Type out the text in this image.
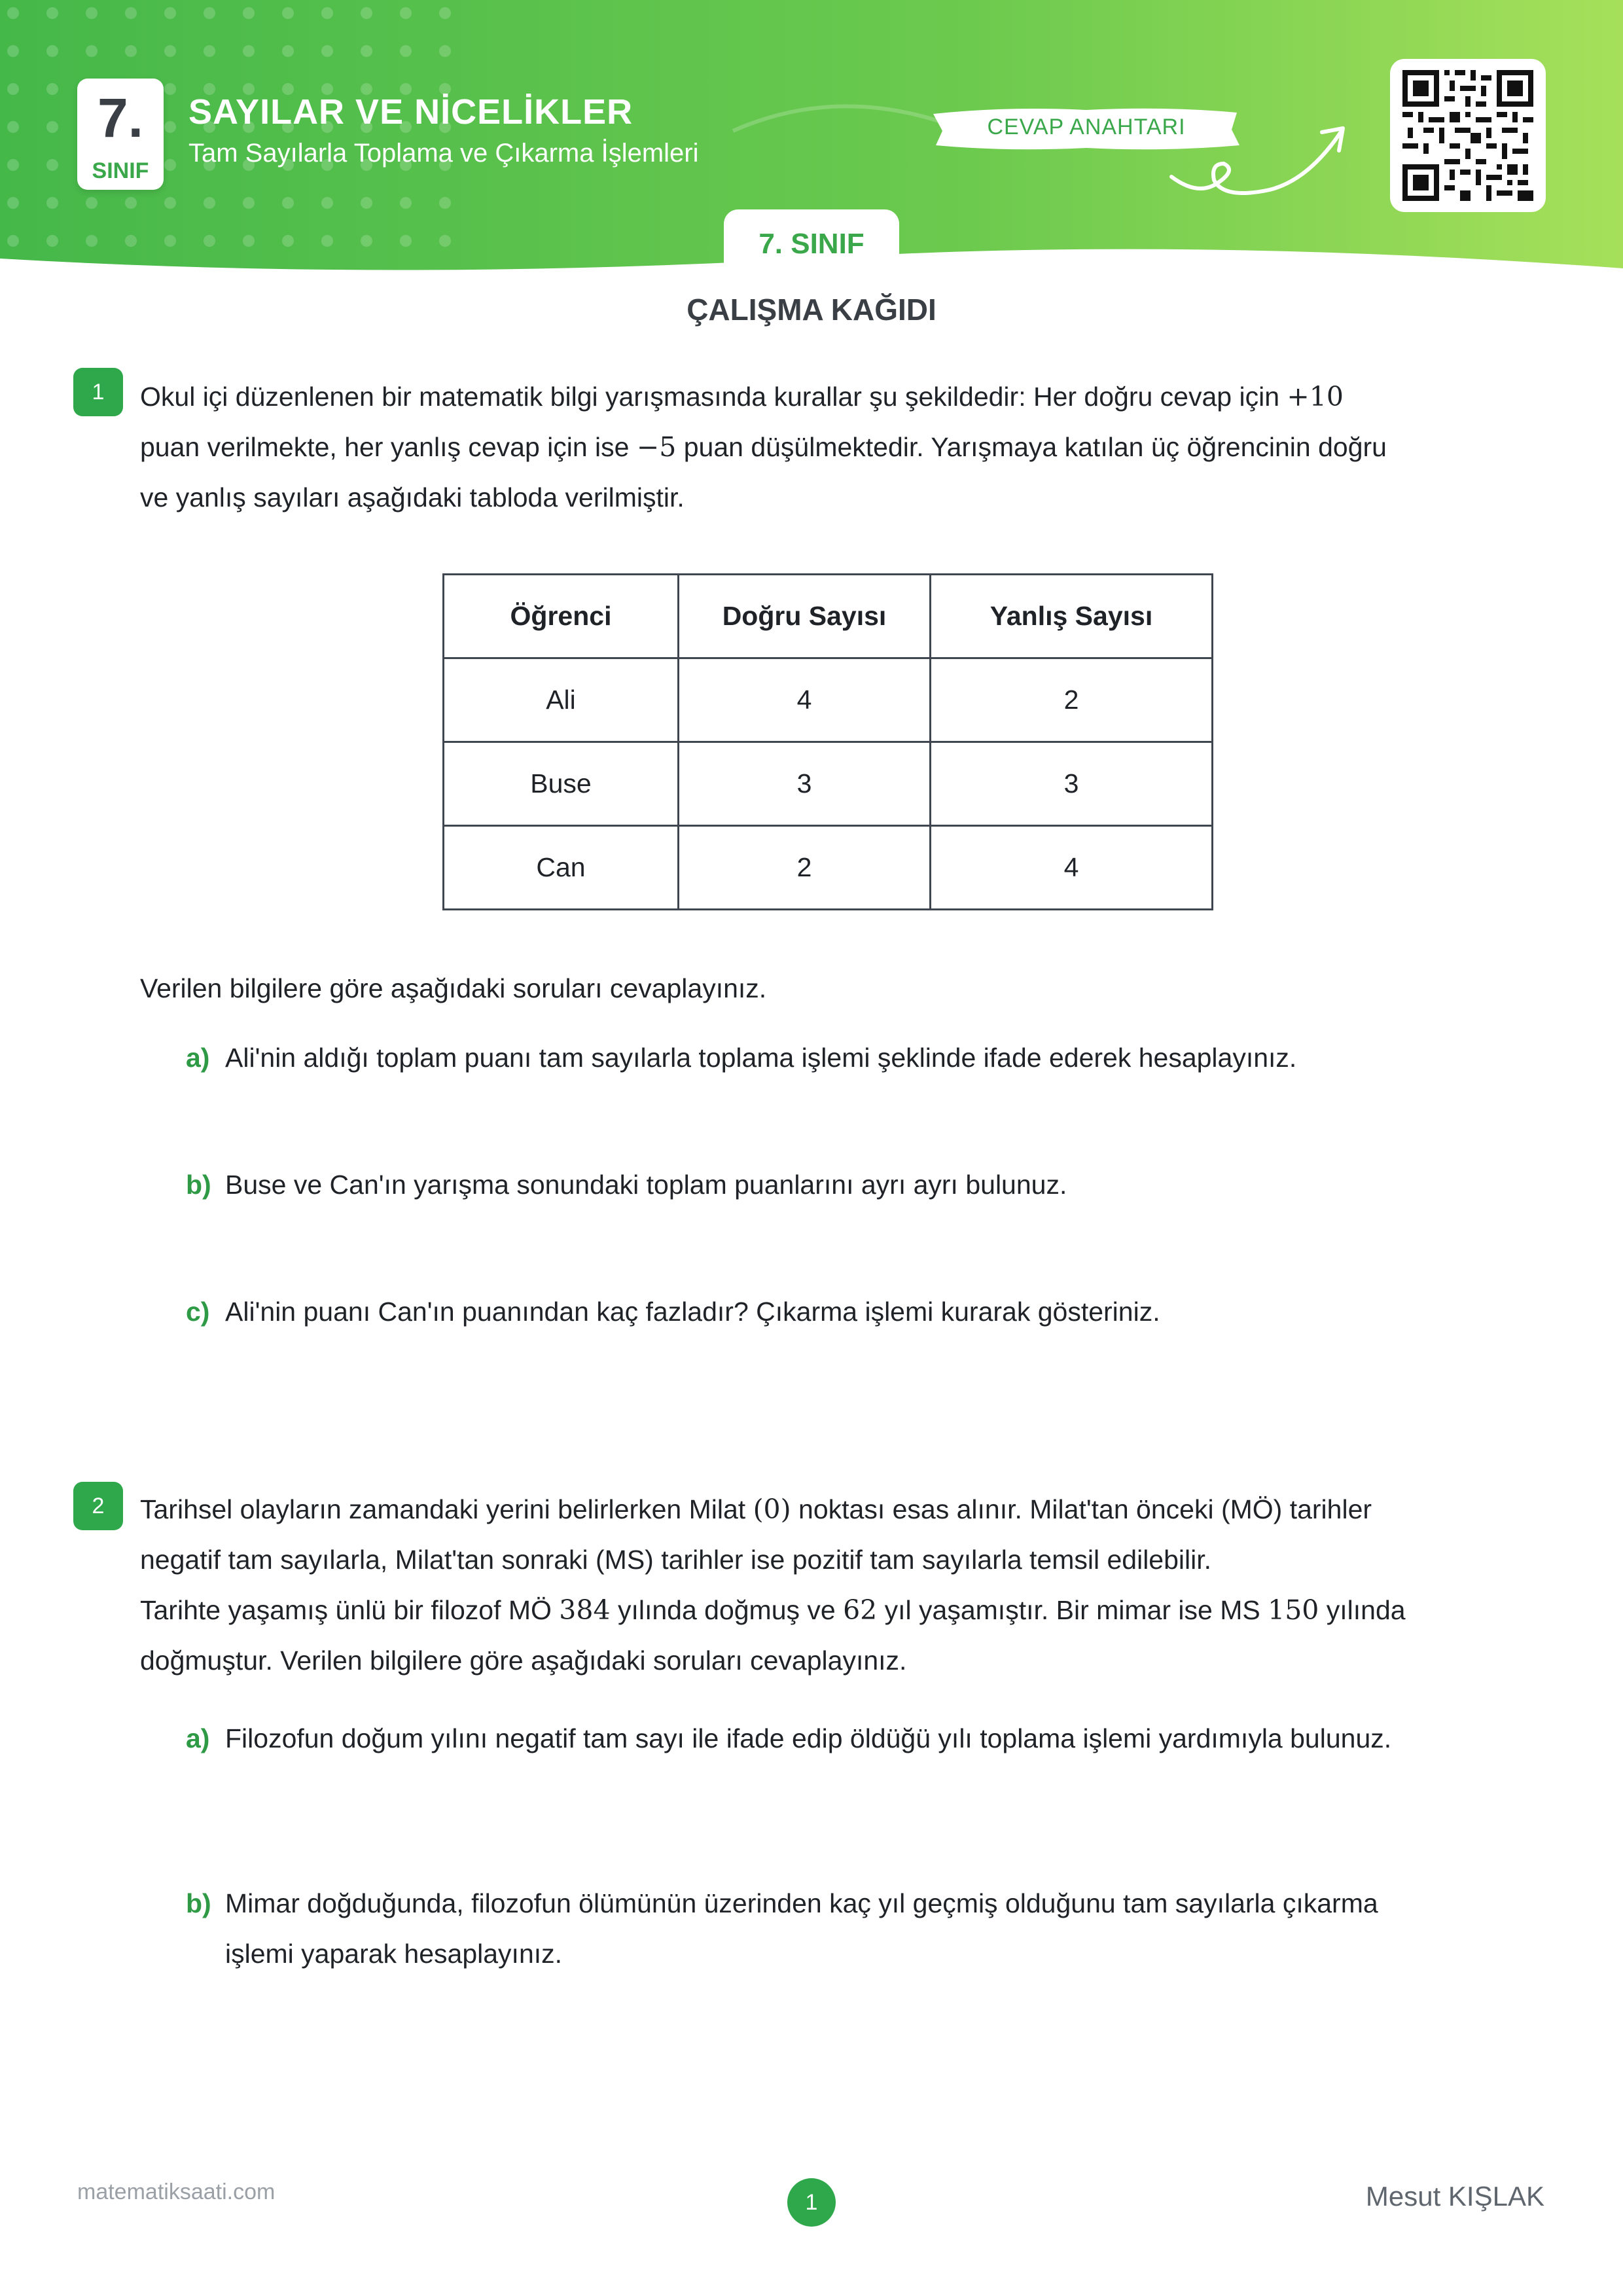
7.
SINIF
SAYILAR VE NİCELİKLER
Tam Sayılarla Toplama ve Çıkarma İşlemleri
CEVAP ANAHTARI
7. SINIF
ÇALIŞMA KAĞIDI
1	Okul içi düzenlenen bir matematik bilgi yarışmasında kurallar şu şekildedir: Her doğru cevap için +10

puan verilmekte, her yanlış cevap için ise −5 puan düşülmektedir. Yarışmaya katılan üç öğrencinin doğru

ve yanlış sayıları aşağıdaki tabloda verilmiştir.

Öğrenci	Doğru Sayısı	Yanlış Sayısı
Ali	4	2
Buse	3	3
Can	2	4
Verilen bilgilere göre aşağıdaki soruları cevaplayınız.
a) Ali'nin aldığı toplam puanı tam sayılarla toplama işlemi şeklinde ifade ederek hesaplayınız.
b) Buse ve Can'ın yarışma sonundaki toplam puanlarını ayrı ayrı bulunuz.
c) Ali'nin puanı Can'ın puanından kaç fazladır? Çıkarma işlemi kurarak gösteriniz.
2	Tarihsel olayların zamandaki yerini belirlerken Milat (0) noktası esas alınır. Milat'tan önceki (MÖ) tarihler

negatif tam sayılarla, Milat'tan sonraki (MS) tarihler ise pozitif tam sayılarla temsil edilebilir.

Tarihte yaşamış ünlü bir filozof MÖ 384 yılında doğmuş ve 62 yıl yaşamıştır. Bir mimar ise MS 150 yılında

doğmuştur. Verilen bilgilere göre aşağıdaki soruları cevaplayınız.

a) Filozofun doğum yılını negatif tam sayı ile ifade edip öldüğü yılı toplama işlemi yardımıyla bulunuz.
b) Mimar doğduğunda, filozofun ölümünün üzerinden kaç yıl geçmiş olduğunu tam sayılarla çıkarma
işlemi yaparak hesaplayınız.
matematiksaati.com	1	Mesut KIŞLAK
